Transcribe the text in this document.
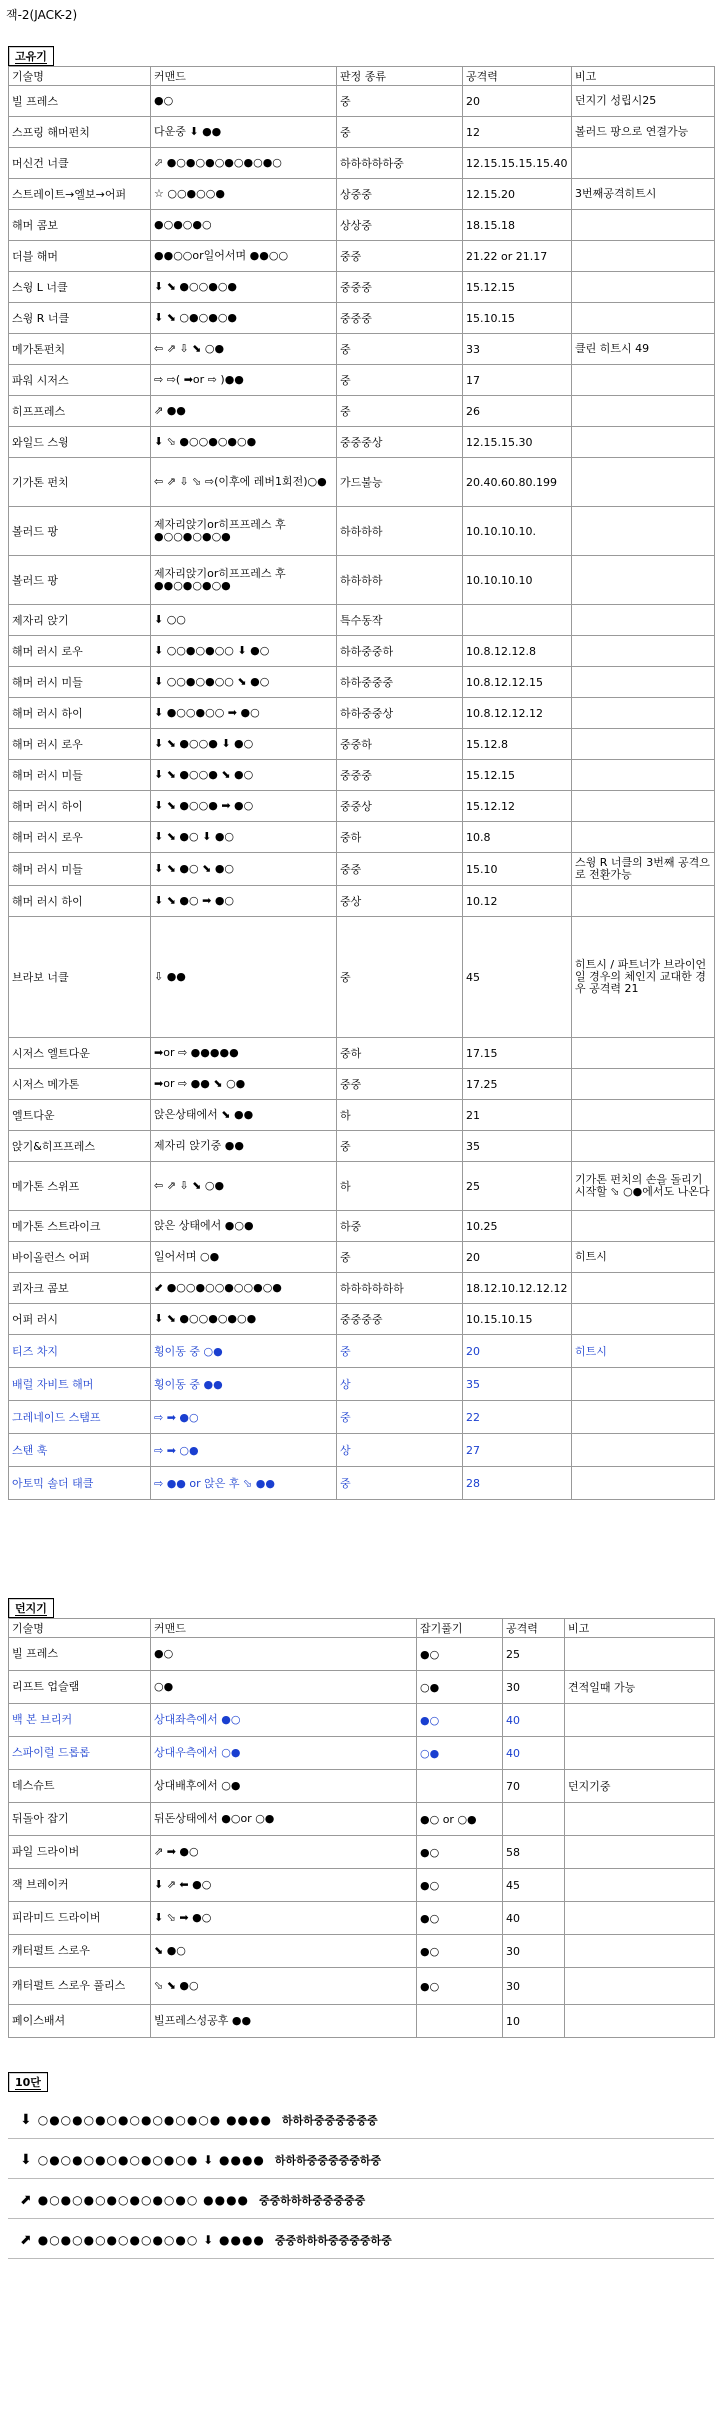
잭-2(JACK-2)
고유기
기술명	커맨드	판정 종류	공격력	비고
빌 프레스	●○	중	20	던지기 성립시25
스프링 해머펀치	다운중 ⬇ ●●	중	12	볼러드 팡으로 연결가능
머신건 너클	⬀ ●○●○●○●○●○●○	하하하하하중	12.15.15.15.15.40	
스트레이트→엘보→어퍼	☆ ○○●○○●	상중중	12.15.20	3번째공격히트시
해머 콤보	●○●○●○	상상중	18.15.18	
더블 해머	●●○○or일어서며 ●●○○	중중	21.22 or 21.17	
스윙 L 너클	⬇ ⬊ ●○○●○●	중중중	15.12.15	
스윙 R 너클	⬇ ⬊ ○●○●○●	중중중	15.10.15	
메가톤펀치	⇦ ⇗ ⇩ ⬊ ○●	중	33	클린 히트시 49
파워 시저스	⇨ ⇨( ➡or ⇨ )●●	중	17	
히프프레스	⇗ ●●	중	26	
와일드 스윙	⬇ ⬂ ●○○●○●○●	중중중상	12.15.15.30	
기가톤 펀치	⇦ ⇗ ⇩ ⬂ ⇨(이후에 레버1회전)○●	가드불능	20.40.60.80.199	
볼러드 팡	제자리앉기or히프프레스 후 ●○○●○●○●	하하하하	10.10.10.10.	
볼러드 팡	제자리앉기or히프프레스 후 ●●○●○●○●	하하하하	10.10.10.10	
제자리 앉기	⬇ ○○	특수동작		
해머 러시 로우	⬇ ○○●○●○○ ⬇ ●○	하하중중하	10.8.12.12.8	
해머 러시 미들	⬇ ○○●○●○○ ⬊ ●○	하하중중중	10.8.12.12.15	
해머 러시 하이	⬇ ●○○●○○ ➡ ●○	하하중중상	10.8.12.12.12	
해머 러시 로우	⬇ ⬊ ●○○● ⬇ ●○	중중하	15.12.8	
해머 러시 미들	⬇ ⬊ ●○○● ⬊ ●○	중중중	15.12.15	
해머 러시 하이	⬇ ⬊ ●○○● ➡ ●○	중중상	15.12.12	
해머 러시 로우	⬇ ⬊ ●○ ⬇ ●○	중하	10.8	
해머 러시 미들	⬇ ⬊ ●○ ⬊ ●○	중중	15.10	스윙 R 너클의 3번째 공격으로 전환가능
해머 러시 하이	⬇ ⬊ ●○ ➡ ●○	중상	10.12	
브라보 너클	⇩ ●●	중	45	히트시 / 파트너가 브라이언일 경우의 체인지 교대한 경우 공격력 21
시저스 엘트다운	➡or ⇨ ●●●●●	중하	17.15	
시저스 메가톤	➡or ⇨ ●● ⬊ ○●	중중	17.25	
엘트다운	앉은상태에서 ⬊ ●●	하	21	
앉기&히프프레스	제자리 앉기중 ●●	중	35	
메가톤 스위프	⇦ ⇗ ⇩ ⬊ ○●	하	25	기가톤 펀치의 손을 돌리기 시작할 ⬂ ○●에서도 나온다
메가톤 스트라이크	앉은 상태에서 ●○●	하중	10.25	
바이올런스 어퍼	일어서며 ○●	중	20	히트시
쾨자크 콤보	⬋ ●○○●○○●○○●○●	하하하하하하	18.12.10.12.12.12	
어퍼 러시	⬇ ⬊ ●○○●○●○●	중중중중	10.15.10.15	
티즈 차지	횡이동 중 ○●	중	20	히트시
배럴 자비트 해머	횡이동 중 ●●	상	35	
그레네이드 스탬프	⇨ ➡ ●○	중	22	
스탠 훅	⇨ ➡ ○●	상	27	
아토믹 솔더 태클	⇨ ●● or 앉은 후 ⬂ ●●	중	28	
던지기
기술명	커맨드	잡기풀기	공격력	비고
빌 프레스	●○	●○	25	
리프트 업슬램	○●	○●	30	견적일때 가능
백 본 브리커	상대좌측에서 ●○	●○	40	
스파이럴 드롭롭	상대우측에서 ○●	○●	40	
데스슈트	상대배후에서 ○●		70	던지기중
뒤돌아 잡기	뒤돈상태에서 ●○or ○●	●○ or ○●		
파일 드라이버	⇗ ➡ ●○	●○	58	
잭 브레이커	⬇ ⇗ ⬅ ●○	●○	45	
피라미드 드라이버	⬇ ⬂ ➡ ●○	●○	40	
캐터펄트 스로우	⬊ ●○	●○	30	
캐터펄트 스로우 풀리스	⬂ ⬊ ●○	●○	30	
페이스배셔	빌프레스성공후 ●●		10	
10단
⬇ ○●○●○●○●○●○●○●○● ●●●● 하하하중중중중중중
⬇ ○●○●○●○●○●○●○● ⬇ ●●●● 하하하중중중중중하중
⬈ ●○●○●○●○●○●○●○ ●●●● 중중하하하중중중중중
⬈ ●○●○●○●○●○●○●○ ⬇ ●●●● 중중하하하중중중중하중
